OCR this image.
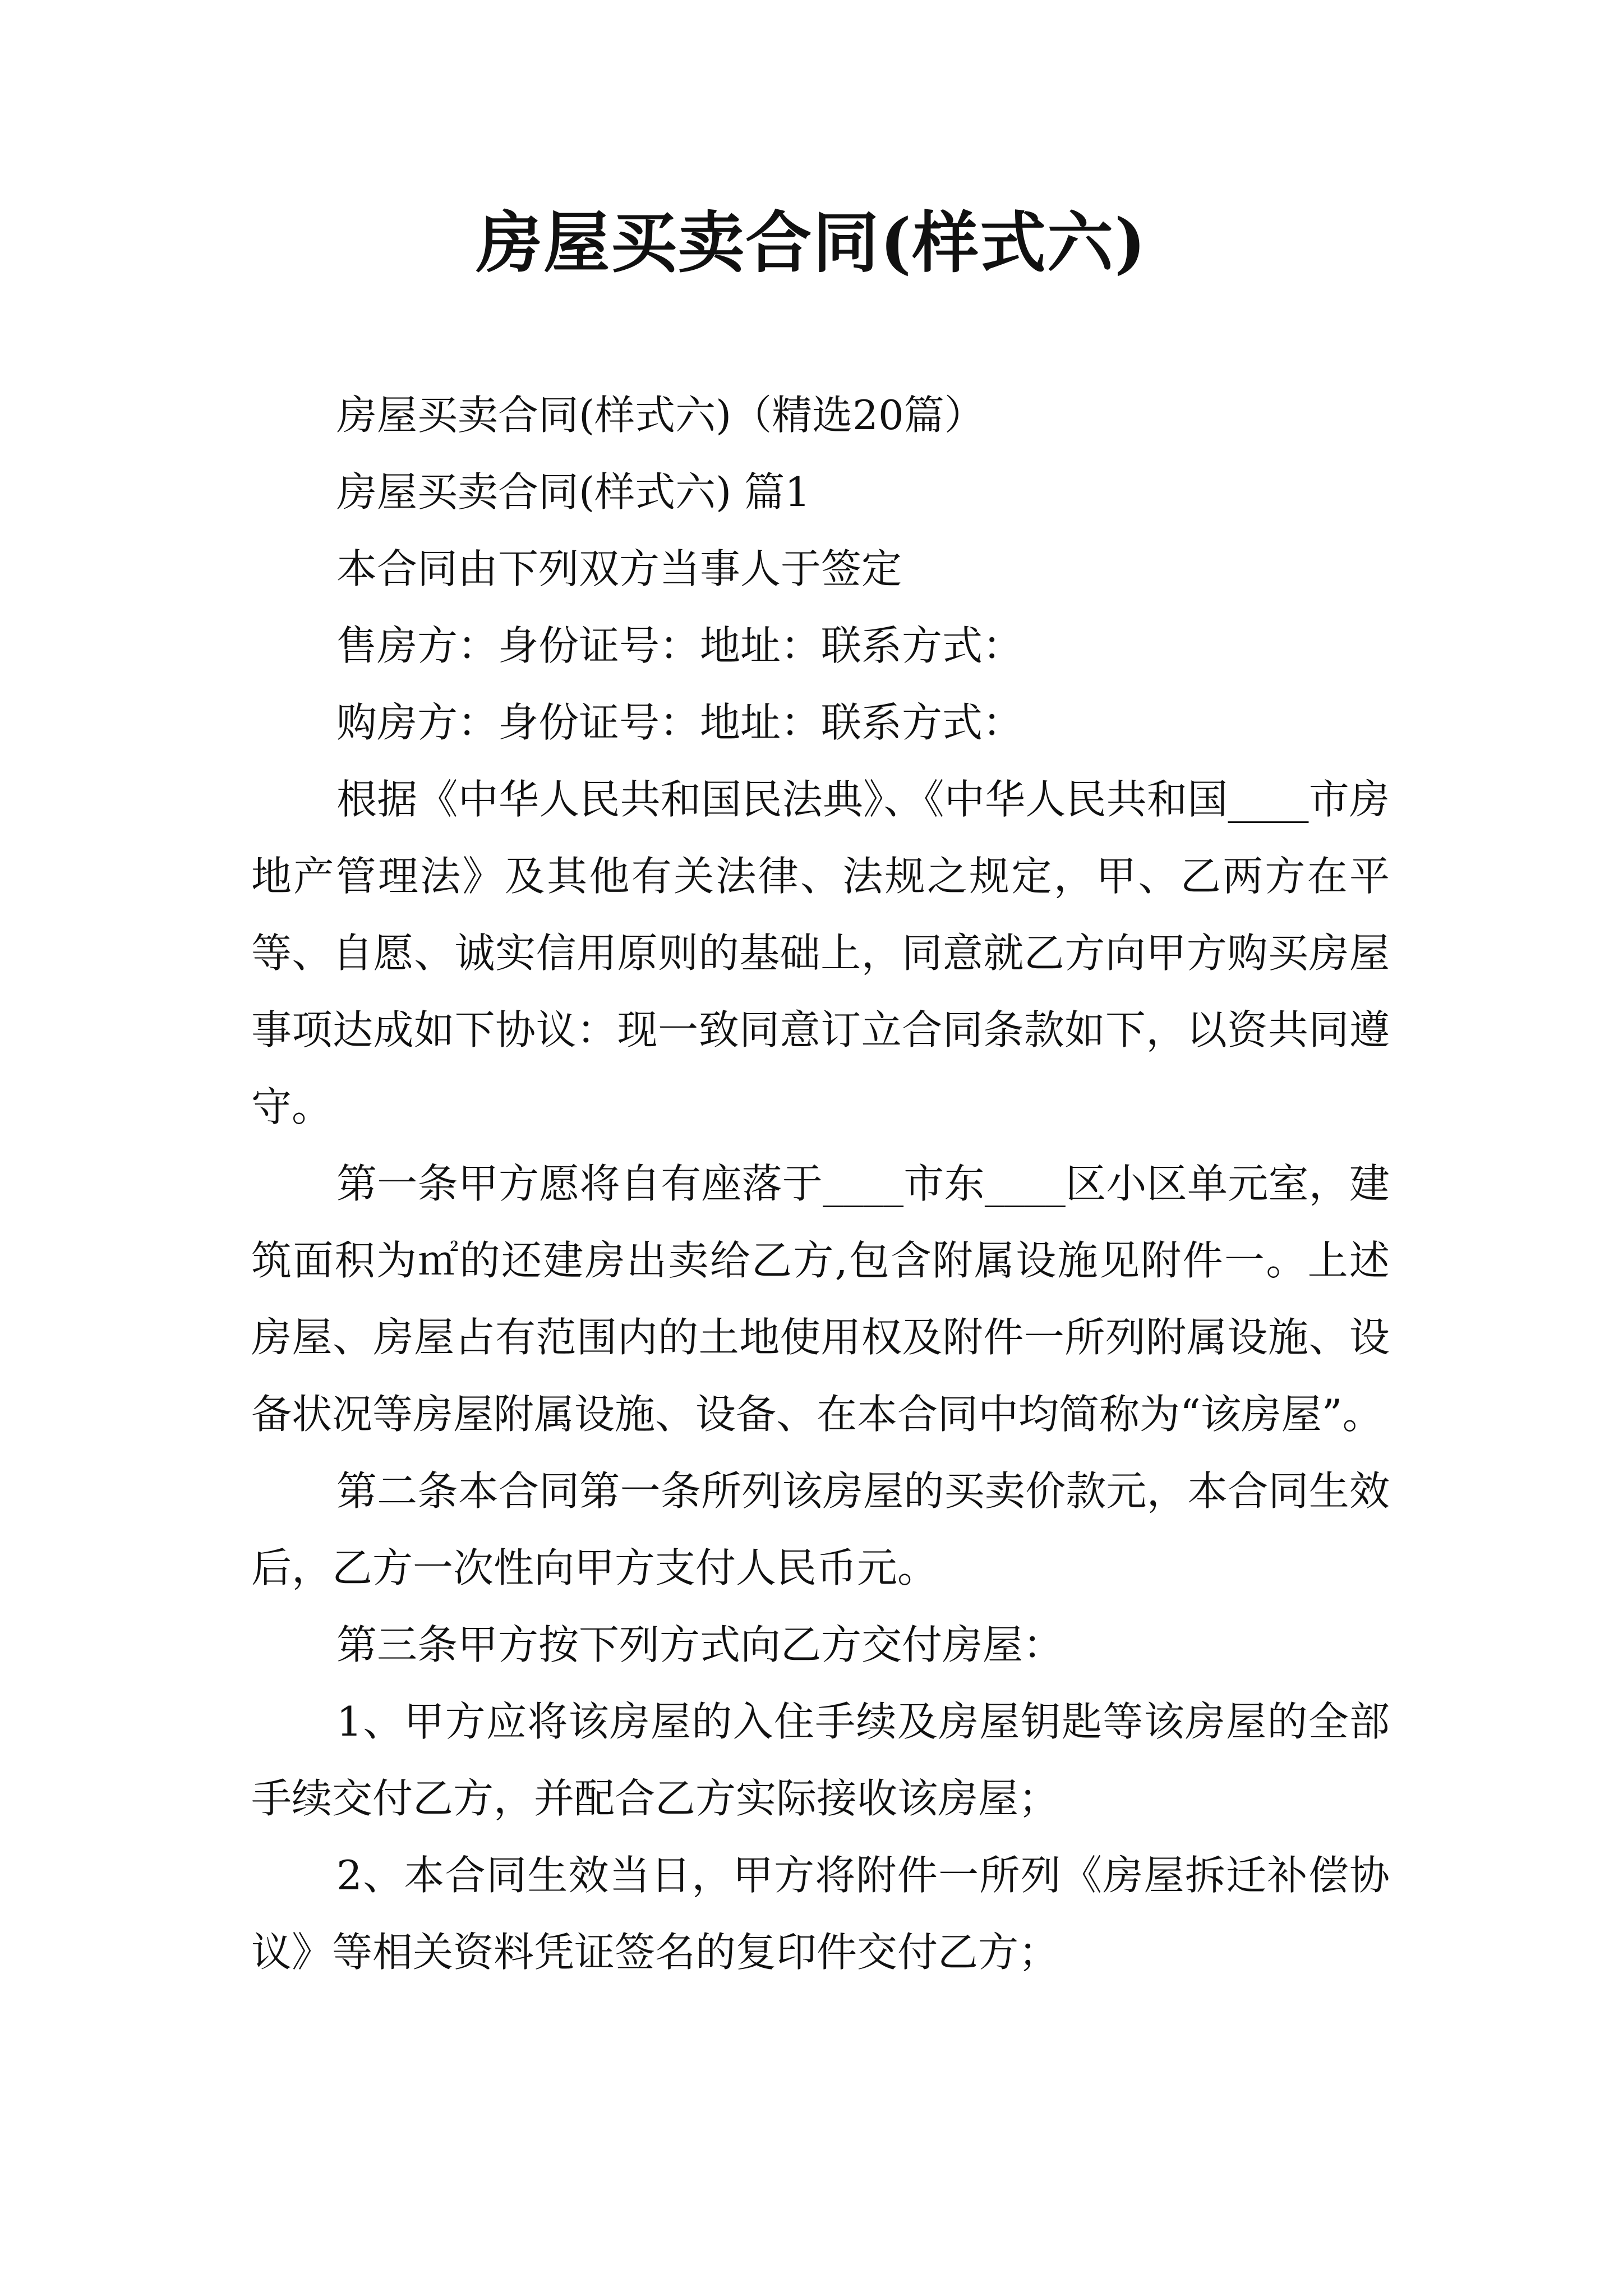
房屋买卖合同(样式六)

房屋买卖合同(样式六)（精选20篇）

房屋买卖合同(样式六) 篇1

本合同由下列双方当事人于签定

售房方：身份证号：地址：联系方式：

购房方：身份证号：地址：联系方式：

根据《中华人民共和国民法典》、《中华人民共和国____市房地产管理法》及其他有关法律、法规之规定，甲、乙两方在平等、自愿、诚实信用原则的基础上，同意就乙方向甲方购买房屋事项达成如下协议：现一致同意订立合同条款如下，以资共同遵守。

第一条甲方愿将自有座落于____市东____区小区单元室，建筑面积为㎡的还建房出卖给乙方,包含附属设施见附件一。上述房屋、房屋占有范围内的土地使用权及附件一所列附属设施、设备状况等房屋附属设施、设备、在本合同中均简称为“该房屋”。

第二条本合同第一条所列该房屋的买卖价款元，本合同生效后，乙方一次性向甲方支付人民币元。

第三条甲方按下列方式向乙方交付房屋：

1、甲方应将该房屋的入住手续及房屋钥匙等该房屋的全部手续交付乙方，并配合乙方实际接收该房屋；

2、本合同生效当日，甲方将附件一所列《房屋拆迁补偿协议》等相关资料凭证签名的复印件交付乙方；
